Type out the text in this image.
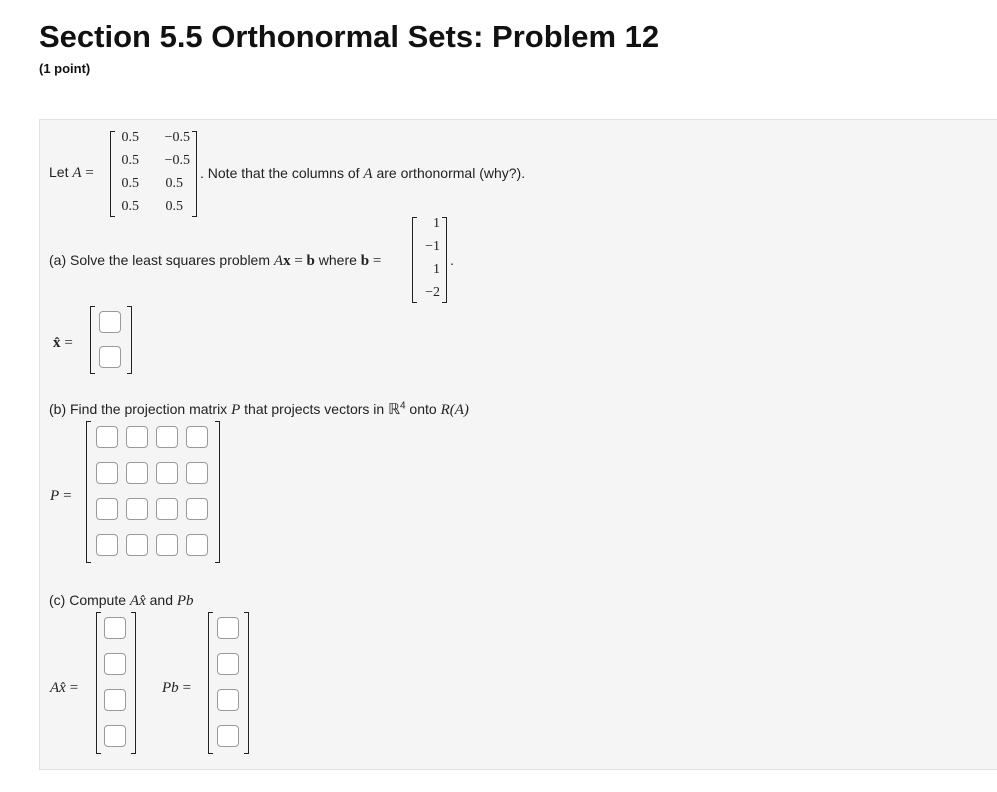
Section 5.5 Orthonormal Sets: Problem 12
(1 point)
Let A =
0.5	−0.5
0.5	−0.5
0.5	0.5
0.5	0.5
. Note that the columns of A are orthonormal (why?).
(a) Solve the least squares problem Ax = b where b =
1
−1
1
−2
.
x̂ =
(b) Find the projection matrix P that projects vectors in ℝ$^4$ onto R(A)
P =
(c) Compute Ax̂ and Pb
Ax̂ =	Pb =
